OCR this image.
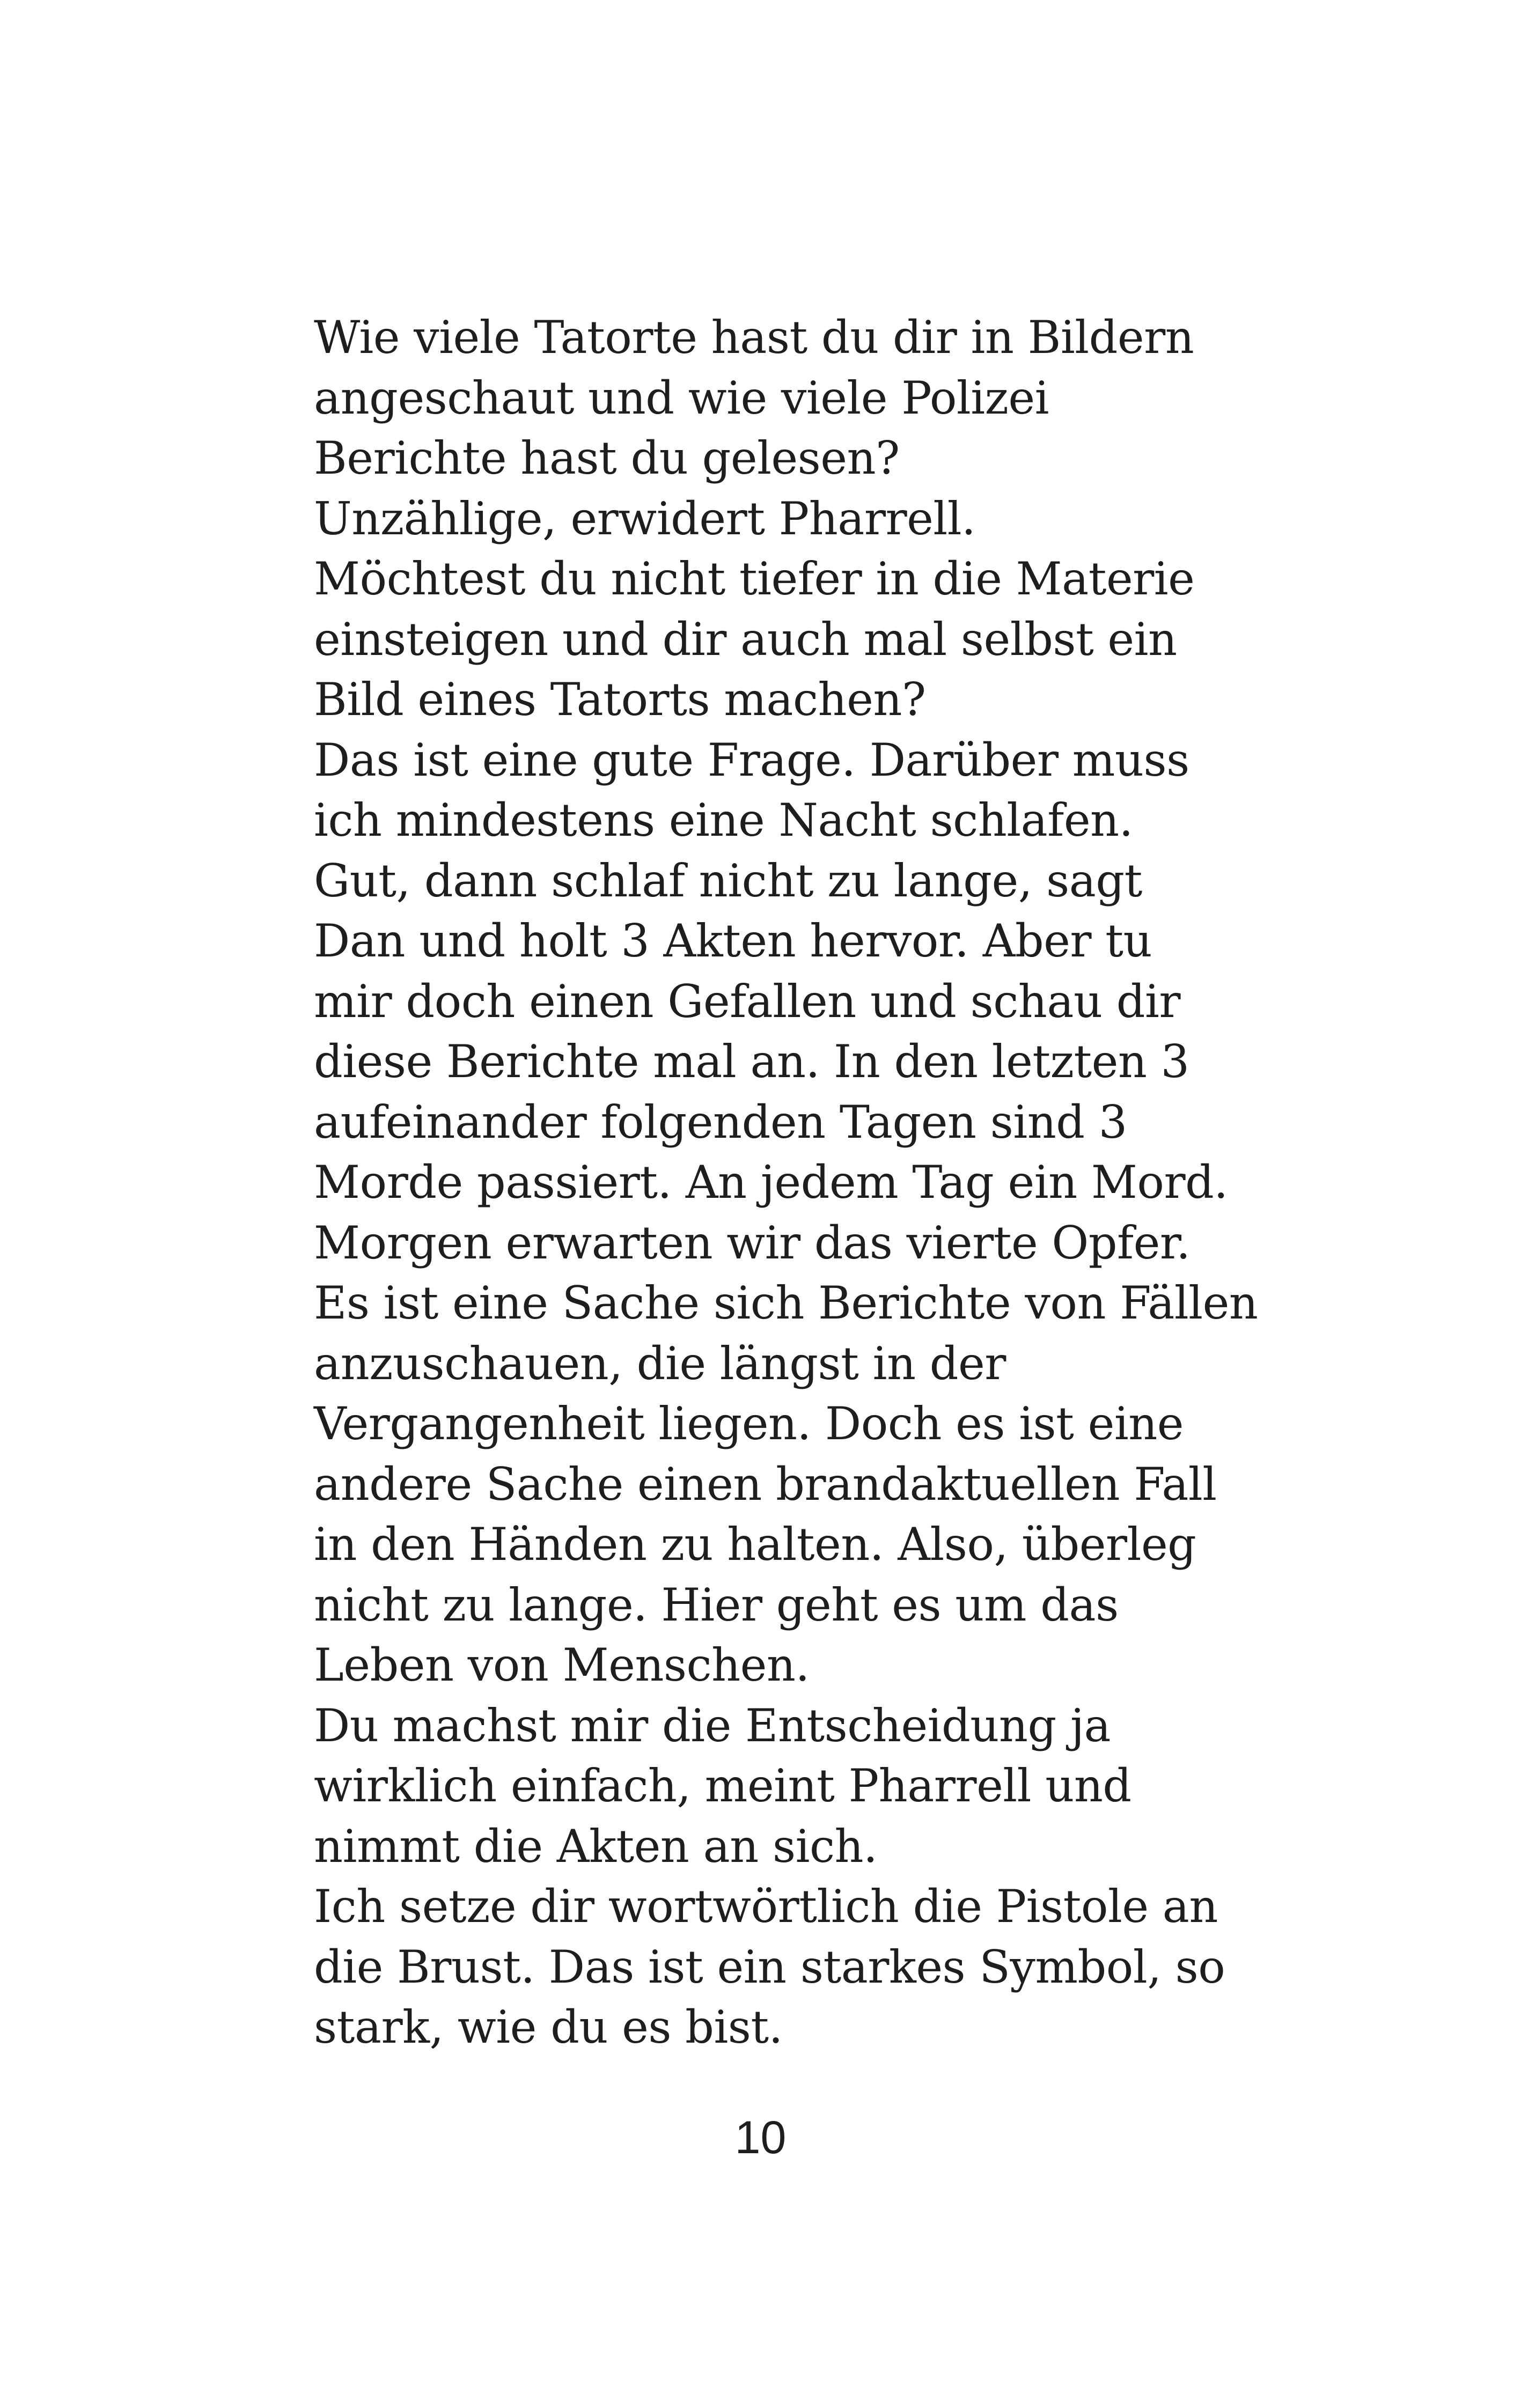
Wie viele Tatorte hast du dir in Bildern
angeschaut und wie viele Polizei
Berichte hast du gelesen?
Unzählige, erwidert Pharrell.
Möchtest du nicht tiefer in die Materie
einsteigen und dir auch mal selbst ein
Bild eines Tatorts machen?
Das ist eine gute Frage. Darüber muss
ich mindestens eine Nacht schlafen.
Gut, dann schlaf nicht zu lange, sagt
Dan und holt 3 Akten hervor. Aber tu
mir doch einen Gefallen und schau dir
diese Berichte mal an. In den letzten 3
aufeinander folgenden Tagen sind 3
Morde passiert. An jedem Tag ein Mord.
Morgen erwarten wir das vierte Opfer.
Es ist eine Sache sich Berichte von Fällen
anzuschauen, die längst in der
Vergangenheit liegen. Doch es ist eine
andere Sache einen brandaktuellen Fall
in den Händen zu halten. Also, überleg
nicht zu lange. Hier geht es um das
Leben von Menschen.
Du machst mir die Entscheidung ja
wirklich einfach, meint Pharrell und
nimmt die Akten an sich.
Ich setze dir wortwörtlich die Pistole an
die Brust. Das ist ein starkes Symbol, so
stark, wie du es bist.
10
